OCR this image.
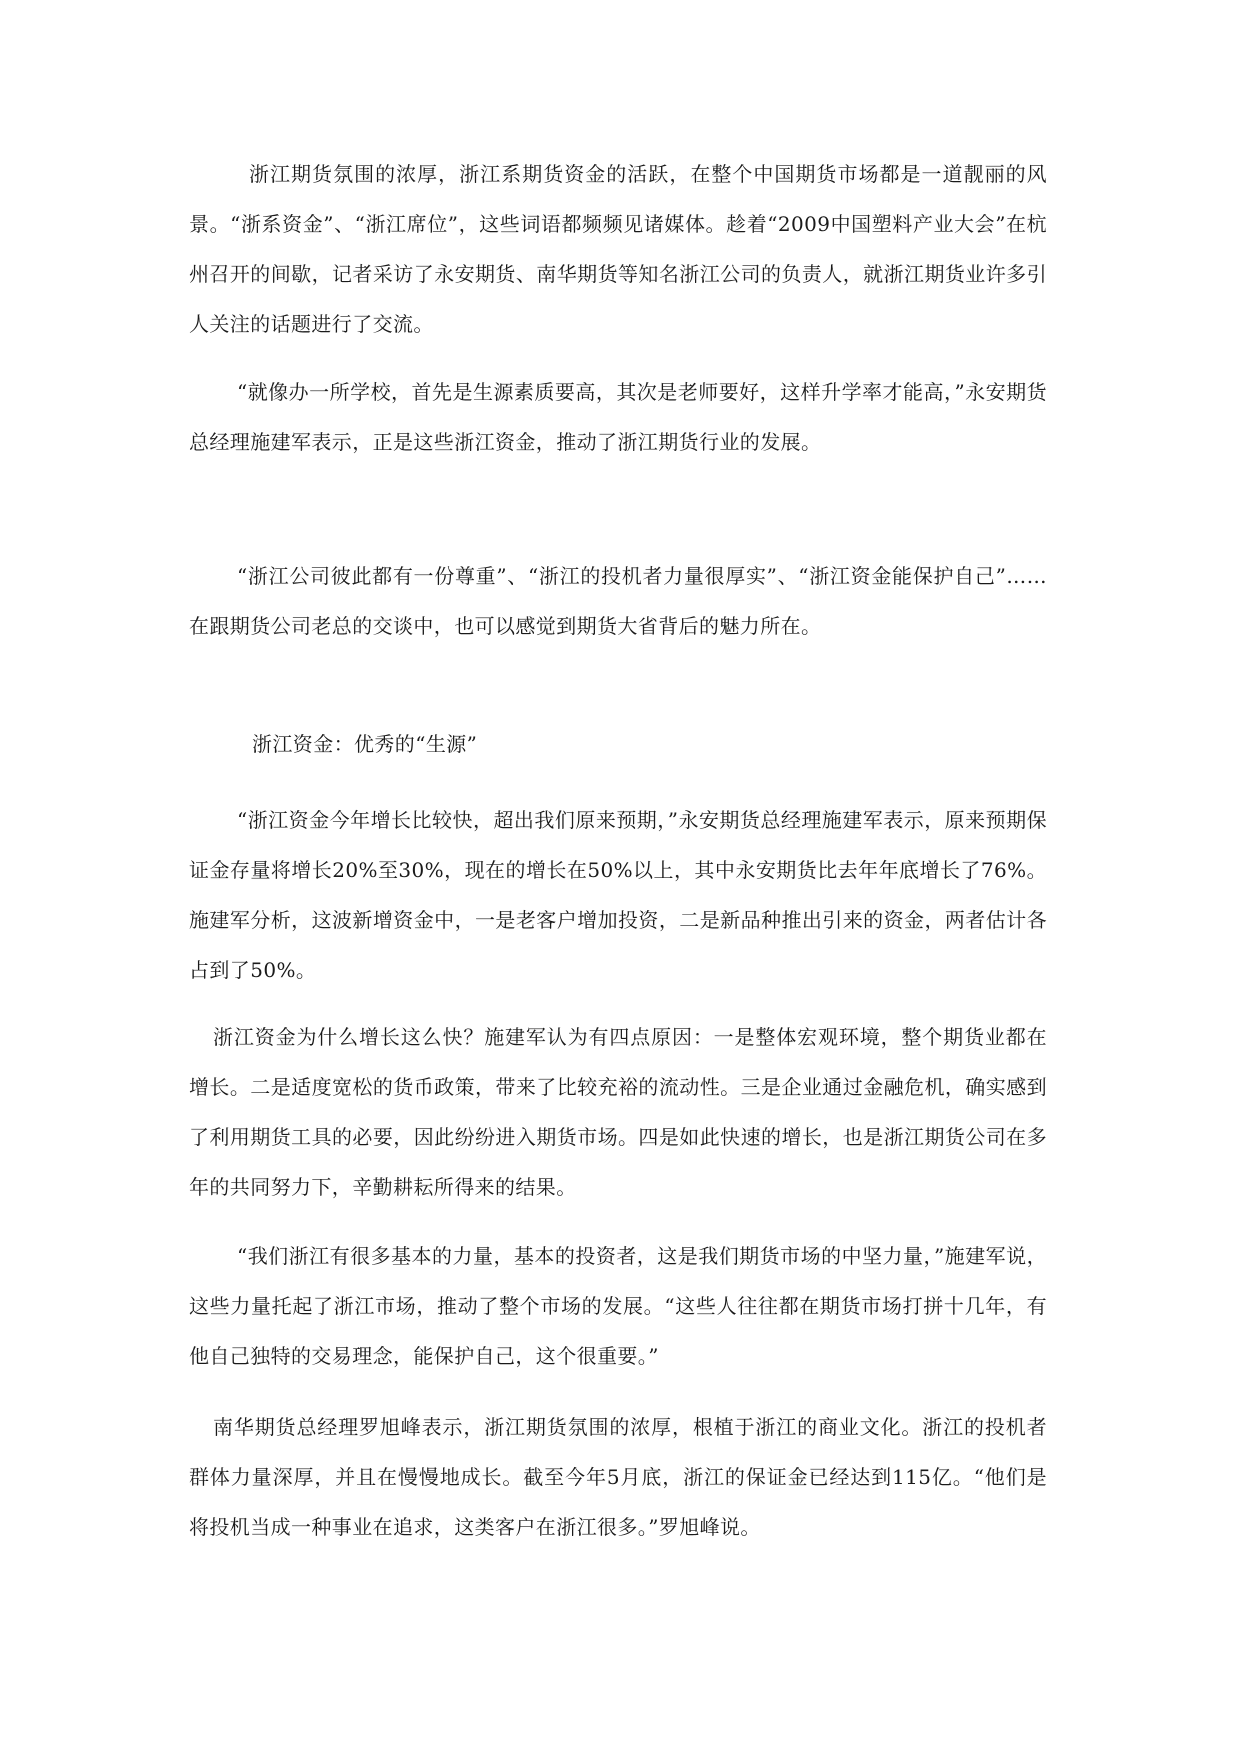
浙江期货氛围的浓厚，浙江系期货资金的活跃，在整个中国期货市场都是一道靓丽的风景。“浙系资金”、“浙江席位”，这些词语都频频见诸媒体。趁着“2009中国塑料产业大会”在杭州召开的间歇，记者采访了永安期货、南华期货等知名浙江公司的负责人，就浙江期货业许多引人关注的话题进行了交流。

“就像办一所学校，首先是生源素质要高，其次是老师要好，这样升学率才能高，”永安期货总经理施建军表示，正是这些浙江资金，推动了浙江期货行业的发展。

“浙江公司彼此都有一份尊重”、“浙江的投机者力量很厚实”、“浙江资金能保护自己”……在跟期货公司老总的交谈中，也可以感觉到期货大省背后的魅力所在。

浙江资金：优秀的“生源”

“浙江资金今年增长比较快，超出我们原来预期，”永安期货总经理施建军表示，原来预期保证金存量将增长20%至30%，现在的增长在50%以上，其中永安期货比去年年底增长了76%。施建军分析，这波新增资金中，一是老客户增加投资，二是新品种推出引来的资金，两者估计各占到了50%。

浙江资金为什么增长这么快？施建军认为有四点原因：一是整体宏观环境，整个期货业都在增长。二是适度宽松的货币政策，带来了比较充裕的流动性。三是企业通过金融危机，确实感到了利用期货工具的必要，因此纷纷进入期货市场。四是如此快速的增长，也是浙江期货公司在多年的共同努力下，辛勤耕耘所得来的结果。

“我们浙江有很多基本的力量，基本的投资者，这是我们期货市场的中坚力量，”施建军说，这些力量托起了浙江市场，推动了整个市场的发展。“这些人往往都在期货市场打拼十几年，有他自己独特的交易理念，能保护自己，这个很重要。”

南华期货总经理罗旭峰表示，浙江期货氛围的浓厚，根植于浙江的商业文化。浙江的投机者群体力量深厚，并且在慢慢地成长。截至今年5月底，浙江的保证金已经达到115亿。“他们是将投机当成一种事业在追求，这类客户在浙江很多。”罗旭峰说。
